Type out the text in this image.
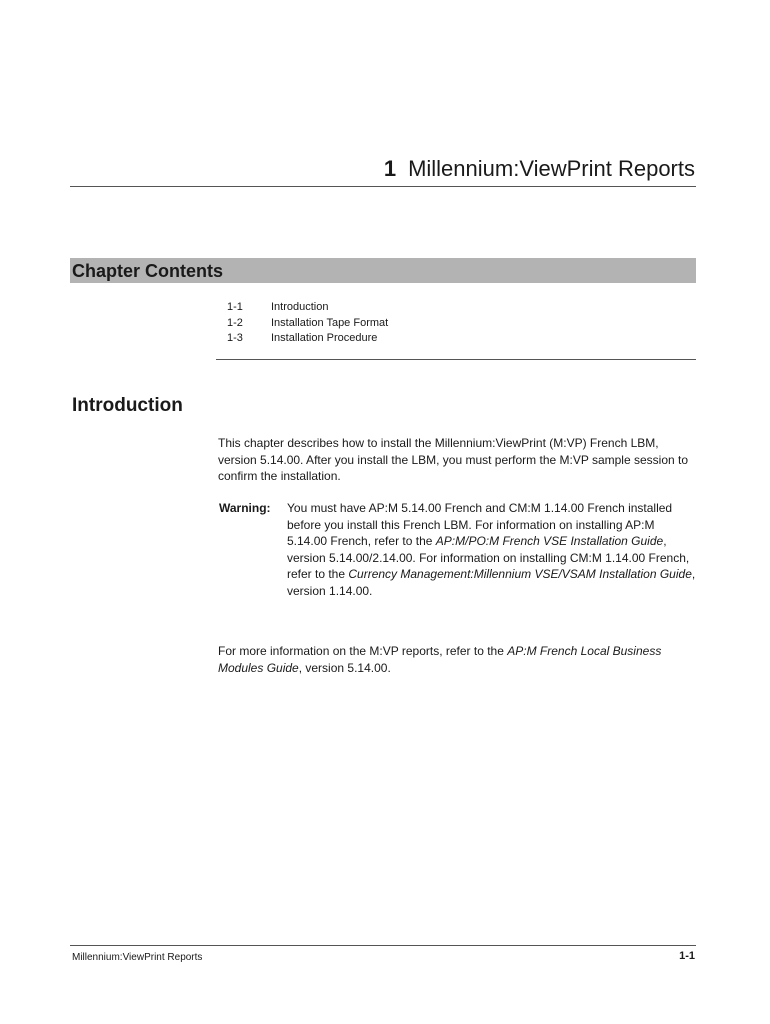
1 Millennium:ViewPrint Reports
Chapter Contents
1-1	Introduction
1-2	Installation Tape Format
1-3	Installation Procedure
Introduction
This chapter describes how to install the Millennium:ViewPrint (M:VP) French LBM, version 5.14.00. After you install the LBM, you must perform the M:VP sample session to confirm the installation.
Warning: You must have AP:M 5.14.00 French and CM:M 1.14.00 French installed before you install this French LBM. For information on installing AP:M 5.14.00 French, refer to the AP:M/PO:M French VSE Installation Guide, version 5.14.00/2.14.00. For information on installing CM:M 1.14.00 French, refer to the Currency Management:Millennium VSE/VSAM Installation Guide, version 1.14.00.
For more information on the M:VP reports, refer to the AP:M French Local Business Modules Guide, version 5.14.00.
Millennium:ViewPrint Reports	1-1
